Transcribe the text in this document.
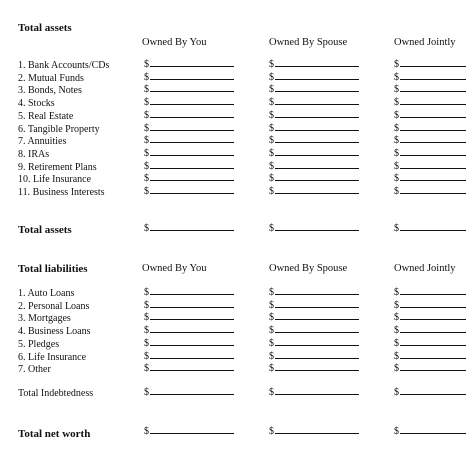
Total assets
Owned By You	Owned By Spouse	Owned Jointly
1. Bank Accounts/CDs	$	$	$
2. Mutual Funds	$	$	$
3. Bonds, Notes	$	$	$
4. Stocks	$	$	$
5. Real Estate	$	$	$
6. Tangible Property	$	$	$
7. Annuities	$	$	$
8. IRAs	$	$	$
9. Retirement Plans	$	$	$
10. Life Insurance	$	$	$
11. Business Interests	$	$	$
Total assets	$	$	$
Total liabilities	Owned By You	Owned By Spouse	Owned Jointly
1. Auto Loans	$	$	$
2. Personal Loans	$	$	$
3. Mortgages	$	$	$
4. Business Loans	$	$	$
5. Pledges	$	$	$
6. Life Insurance	$	$	$
7. Other	$	$	$
Total Indebtedness	$	$	$
Total net worth	$	$	$
